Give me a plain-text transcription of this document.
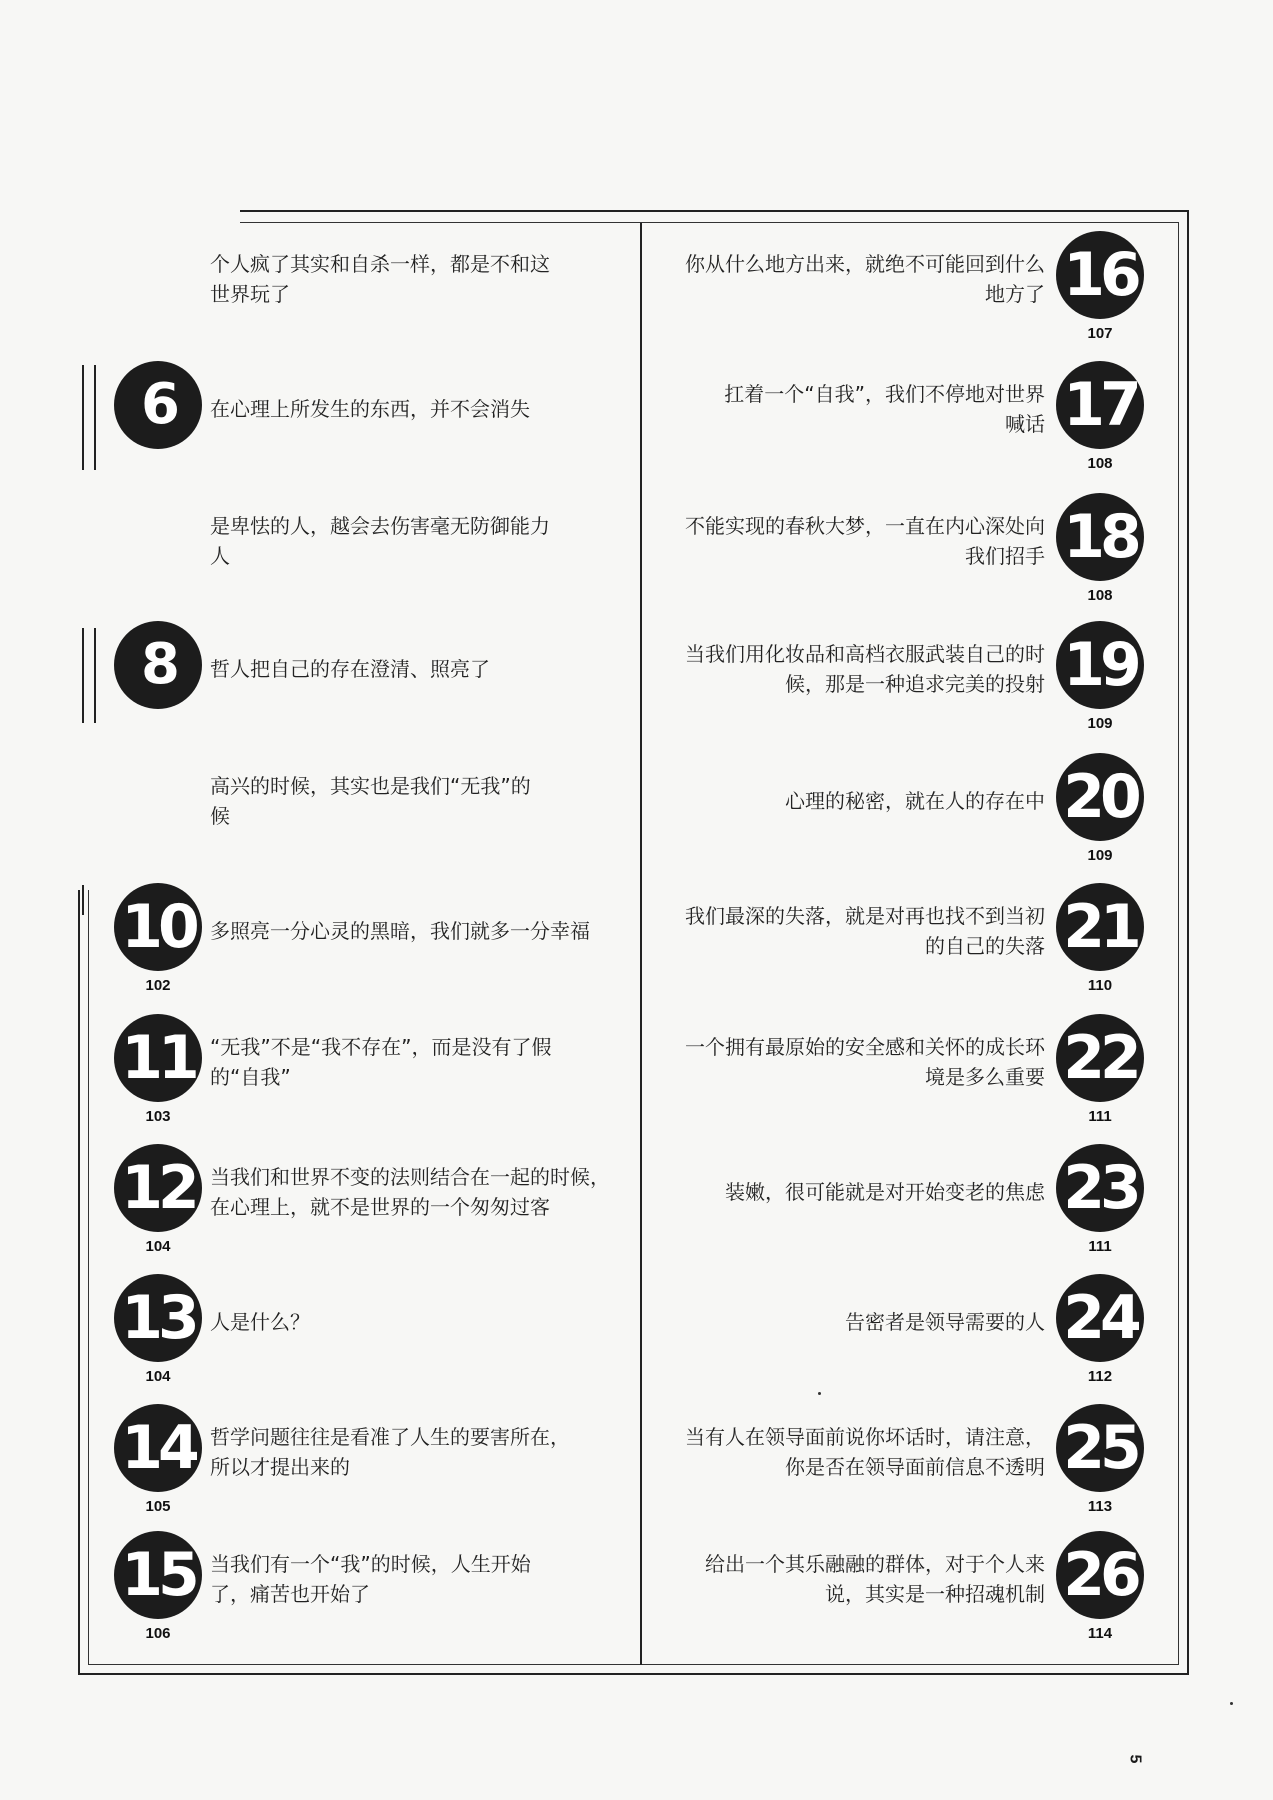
个人疯了其实和自杀一样，都是不和这
世界玩了
在心理上所发生的东西，并不会消失
6
是卑怯的人，越会去伤害毫无防御能力
人
哲人把自己的存在澄清、照亮了
8
高兴的时候，其实也是我们“无我”的
候
多照亮一分心灵的黑暗，我们就多一分幸福
10
102
“无我”不是“我不存在”，而是没有了假
的“自我”
11
103
当我们和世界不变的法则结合在一起的时候，
在心理上，就不是世界的一个匆匆过客
12
104
人是什么？
13
104
哲学问题往往是看准了人生的要害所在，
所以才提出来的
14
105
当我们有一个“我”的时候，人生开始
了，痛苦也开始了
15
106
你从什么地方出来，就绝不可能回到什么
地方了 16
107
扛着一个“自我”，我们不停地对世界
喊话 17
108
不能实现的春秋大梦，一直在内心深处向
我们招手 18
108
当我们用化妆品和高档衣服武装自己的时
候，那是一种追求完美的投射 19
109
心理的秘密，就在人的存在中 20
109
我们最深的失落，就是对再也找不到当初
的自己的失落 21
110
一个拥有最原始的安全感和关怀的成长环
境是多么重要 22
111
装嫩，很可能就是对开始变老的焦虑 23
111
告密者是领导需要的人 24
112
当有人在领导面前说你坏话时，请注意，
你是否在领导面前信息不透明 25
113
给出一个其乐融融的群体，对于个人来
说，其实是一种招魂机制 26
114
5
